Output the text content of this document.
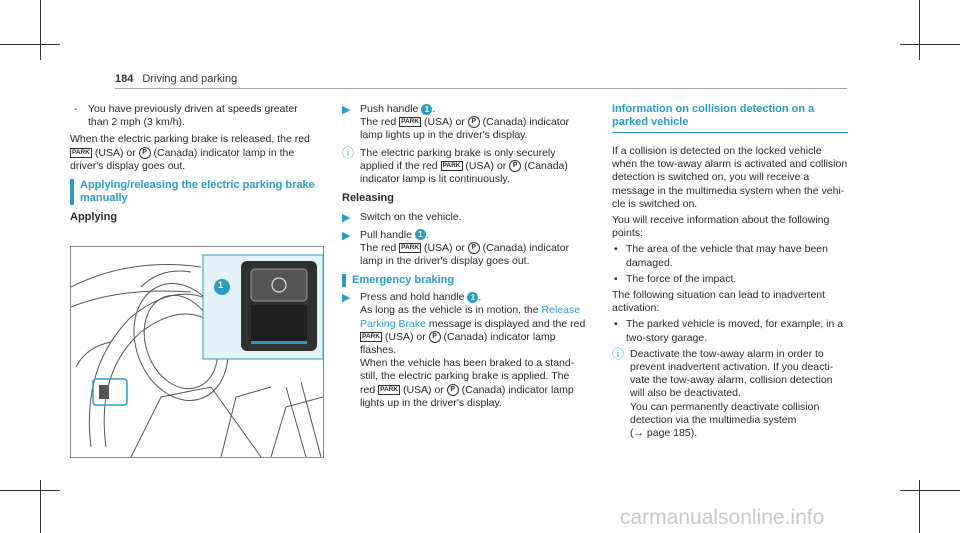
184 Driving and parking
- You have previously driven at speeds greater than 2 mph (3 km/h).

When the electric parking brake is released, the red PARK (USA) or P (Canada) indicator lamp in the driver's display goes out.

Applying/releasing the electric parking brake manually
Applying
1
▶ Push handle 1 .
The red PARK (USA) or P (Canada) indicator lamp lights up in the driver's display.
ⓘ The electric parking brake is only securely applied if the red PARK (USA) or P (Canada) indicator lamp is lit continuously.
Releasing
▶ Switch on the vehicle.
▶ Pull handle 1 .
The red PARK (USA) or P (Canada) indicator lamp in the driver's display goes out.
Emergency braking
▶ Press and hold handle 1 .
As long as the vehicle is in motion, the Release Parking Brake message is displayed and the red PARK (USA) or P (Canada) indicator lamp flashes.
When the vehicle has been braked to a standstill, the electric parking brake is applied. The red PARK (USA) or P (Canada) indicator lamp lights up in the driver's display.
Information on collision detection on a parked vehicle

If a collision is detected on the locked vehicle when the tow-away alarm is activated and collision detection is switched on, you will receive a message in the multimedia system when the vehicle is switched on.

You will receive information about the following points:

• The area of the vehicle that may have been damaged.
• The force of the impact.

The following situation can lead to inadvertent activation:

• The parked vehicle is moved, for example, in a two-story garage.
ⓘ Deactivate the tow-away alarm in order to prevent inadvertent activation. If you deactivate the tow-away alarm, collision detection will also be deactivated.
You can permanently deactivate collision detection via the multimedia system
(→ page 185).
carmanualsonline.info
